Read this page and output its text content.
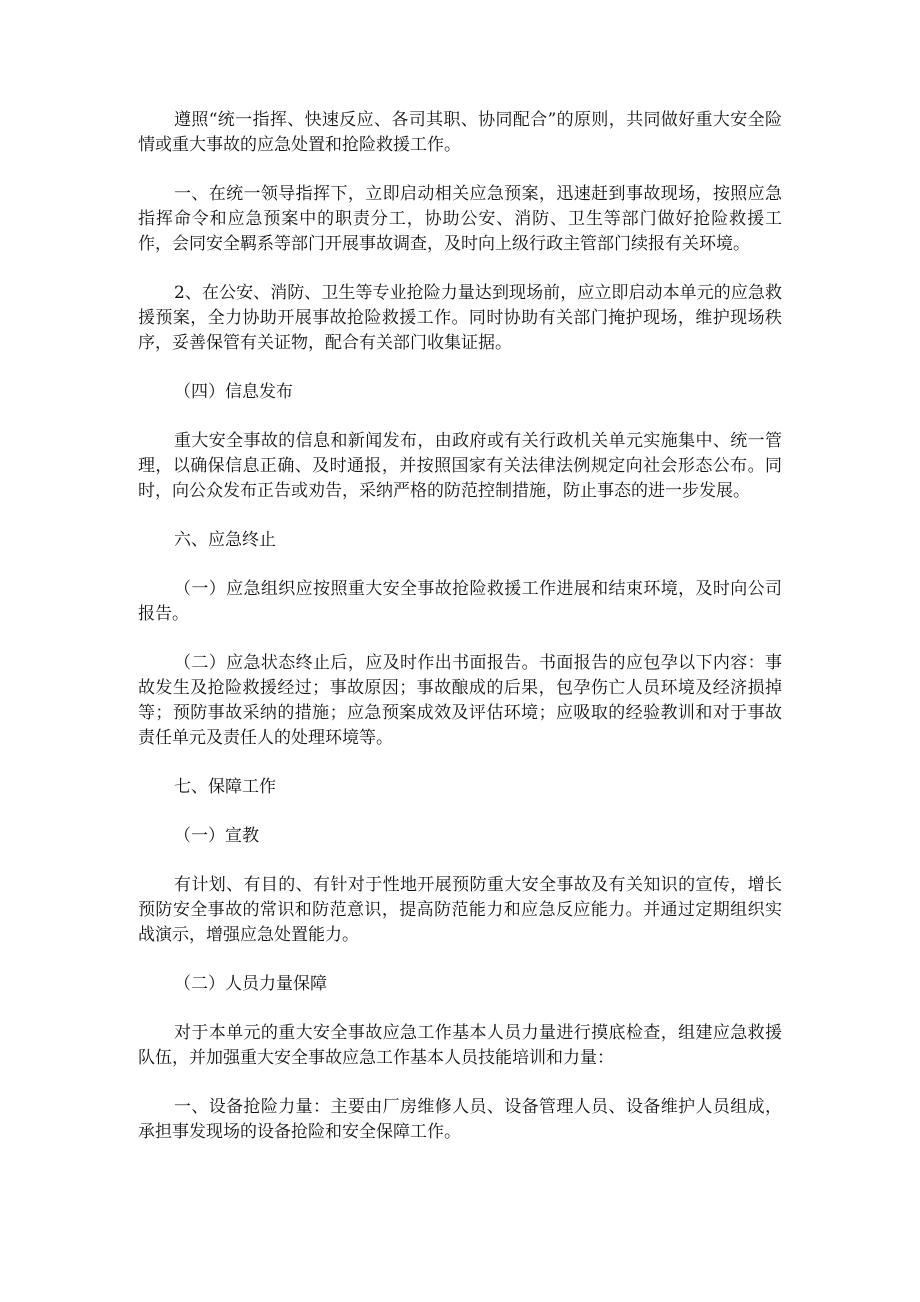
遵照“统一指挥、快速反应、各司其职、协同配合”的原则，共同做好重大安全险情或重大事故的应急处置和抢险救援工作。

一、在统一领导指挥下，立即启动相关应急预案，迅速赶到事故现场，按照应急指挥命令和应急预案中的职责分工，协助公安、消防、卫生等部门做好抢险救援工作，会同安全羁系等部门开展事故调查，及时向上级行政主管部门续报有关环境。

2、在公安、消防、卫生等专业抢险力量达到现场前，应立即启动本单元的应急救援预案，全力协助开展事故抢险救援工作。同时协助有关部门掩护现场，维护现场秩序，妥善保管有关证物，配合有关部门收集证据。

（四）信息发布

重大安全事故的信息和新闻发布，由政府或有关行政机关单元实施集中、统一管理，以确保信息正确、及时通报，并按照国家有关法律法例规定向社会形态公布。同时，向公众发布正告或劝告，采纳严格的防范控制措施，防止事态的进一步发展。

六、应急终止

（一）应急组织应按照重大安全事故抢险救援工作进展和结束环境，及时向公司报告。

（二）应急状态终止后，应及时作出书面报告。书面报告的应包孕以下内容：事故发生及抢险救援经过；事故原因；事故酿成的后果，包孕伤亡人员环境及经济损掉等；预防事故采纳的措施；应急预案成效及评估环境；应吸取的经验教训和对于事故责任单元及责任人的处理环境等。

七、保障工作

（一）宣教

有计划、有目的、有针对于性地开展预防重大安全事故及有关知识的宣传，增长预防安全事故的常识和防范意识，提高防范能力和应急反应能力。并通过定期组织实战演示，增强应急处置能力。

（二）人员力量保障

对于本单元的重大安全事故应急工作基本人员力量进行摸底检查，组建应急救援队伍，并加强重大安全事故应急工作基本人员技能培训和力量：

一、设备抢险力量：主要由厂房维修人员、设备管理人员、设备维护人员组成，承担事发现场的设备抢险和安全保障工作。
